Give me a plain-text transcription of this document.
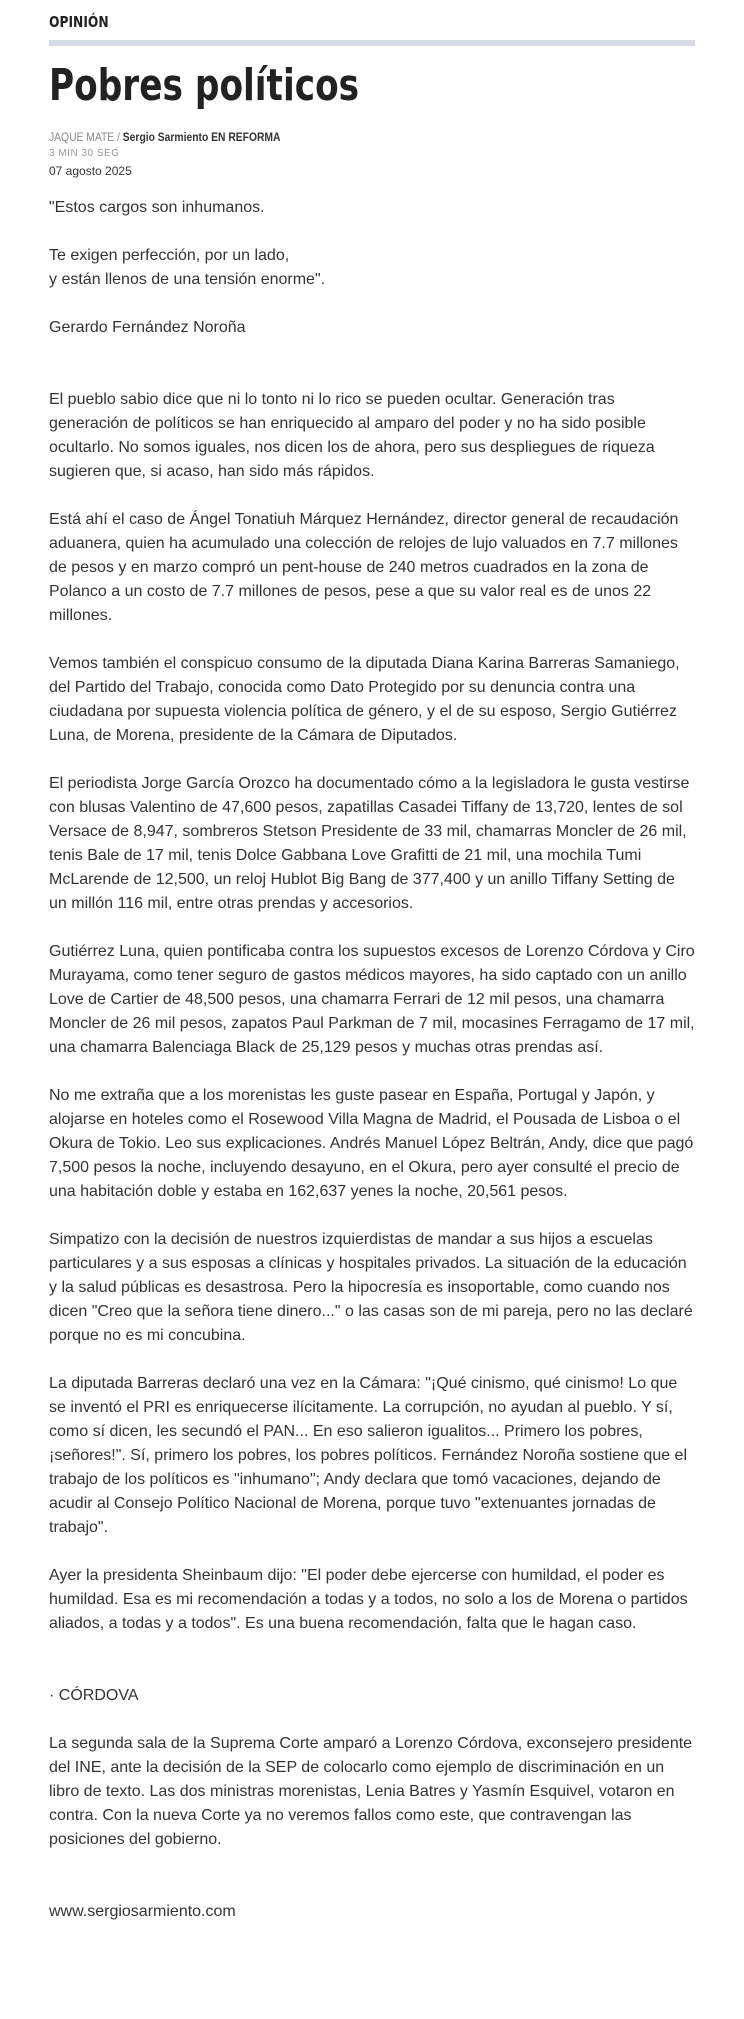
OPINIÓN
Pobres políticos
JAQUE MATE / Sergio Sarmiento EN REFORMA
3 MIN 30 SEG
07 agosto 2025

"Estos cargos son inhumanos.

Te exigen perfección, por un lado,

y están llenos de una tensión enorme".

Gerardo Fernández Noroña

El pueblo sabio dice que ni lo tonto ni lo rico se pueden ocultar. Generación tras generación de políticos se han enriquecido al amparo del poder y no ha sido posible ocultarlo. No somos iguales, nos dicen los de ahora, pero sus despliegues de riqueza sugieren que, si acaso, han sido más rápidos.

Está ahí el caso de Ángel Tonatiuh Márquez Hernández, director general de recaudación aduanera, quien ha acumulado una colección de relojes de lujo valuados en 7.7 millones de pesos y en marzo compró un pent-house de 240 metros cuadrados en la zona de Polanco a un costo de 7.7 millones de pesos, pese a que su valor real es de unos 22 millones.

Vemos también el conspicuo consumo de la diputada Diana Karina Barreras Samaniego, del Partido del Trabajo, conocida como Dato Protegido por su denuncia contra una ciudadana por supuesta violencia política de género, y el de su esposo, Sergio Gutiérrez Luna, de Morena, presidente de la Cámara de Diputados.

El periodista Jorge García Orozco ha documentado cómo a la legisladora le gusta vestirse con blusas Valentino de 47,600 pesos, zapatillas Casadei Tiffany de 13,720, lentes de sol Versace de 8,947, sombreros Stetson Presidente de 33 mil, chamarras Moncler de 26 mil, tenis Bale de 17 mil, tenis Dolce Gabbana Love Grafitti de 21 mil, una mochila Tumi McLarende de 12,500, un reloj Hublot Big Bang de 377,400 y un anillo Tiffany Setting de un millón 116 mil, entre otras prendas y accesorios.

Gutiérrez Luna, quien pontificaba contra los supuestos excesos de Lorenzo Córdova y Ciro Murayama, como tener seguro de gastos médicos mayores, ha sido captado con un anillo Love de Cartier de 48,500 pesos, una chamarra Ferrari de 12 mil pesos, una chamarra Moncler de 26 mil pesos, zapatos Paul Parkman de 7 mil, mocasines Ferragamo de 17 mil, una chamarra Balenciaga Black de 25,129 pesos y muchas otras prendas así.

No me extraña que a los morenistas les guste pasear en España, Portugal y Japón, y alojarse en hoteles como el Rosewood Villa Magna de Madrid, el Pousada de Lisboa o el Okura de Tokio. Leo sus explicaciones. Andrés Manuel López Beltrán, Andy, dice que pagó 7,500 pesos la noche, incluyendo desayuno, en el Okura, pero ayer consulté el precio de una habitación doble y estaba en 162,637 yenes la noche, 20,561 pesos.

Simpatizo con la decisión de nuestros izquierdistas de mandar a sus hijos a escuelas particulares y a sus esposas a clínicas y hospitales privados. La situación de la educación y la salud públicas es desastrosa. Pero la hipocresía es insoportable, como cuando nos dicen "Creo que la señora tiene dinero..." o las casas son de mi pareja, pero no las declaré porque no es mi concubina.

La diputada Barreras declaró una vez en la Cámara: "¡Qué cinismo, qué cinismo! Lo que se inventó el PRI es enriquecerse ilícitamente. La corrupción, no ayudan al pueblo. Y sí, como sí dicen, les secundó el PAN... En eso salieron igualitos... Primero los pobres, ¡señores!". Sí, primero los pobres, los pobres políticos. Fernández Noroña sostiene que el trabajo de los políticos es "inhumano"; Andy declara que tomó vacaciones, dejando de acudir al Consejo Político Nacional de Morena, porque tuvo "extenuantes jornadas de trabajo".

Ayer la presidenta Sheinbaum dijo: "El poder debe ejercerse con humildad, el poder es humildad. Esa es mi recomendación a todas y a todos, no solo a los de Morena o partidos aliados, a todas y a todos". Es una buena recomendación, falta que le hagan caso.

· CÓRDOVA

La segunda sala de la Suprema Corte amparó a Lorenzo Córdova, exconsejero presidente del INE, ante la decisión de la SEP de colocarlo como ejemplo de discriminación en un libro de texto. Las dos ministras morenistas, Lenia Batres y Yasmín Esquivel, votaron en contra. Con la nueva Corte ya no veremos fallos como este, que contravengan las posiciones del gobierno.

www.sergiosarmiento.com
